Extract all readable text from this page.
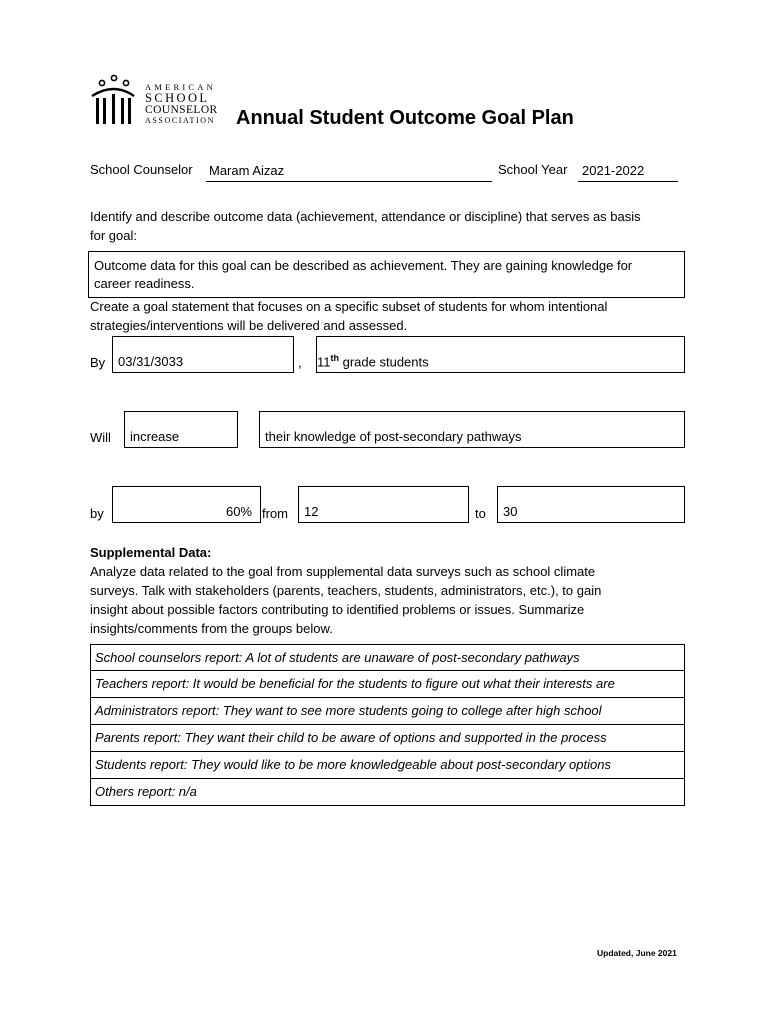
AMERICAN
SCHOOL
COUNSELOR
ASSOCIATION Annual Student Outcome Goal Plan
School Counselor Maram Aizaz	School Year 2021-2022
Identify and describe outcome data (achievement, attendance or discipline) that serves as basis
for goal:
Outcome data for this goal can be described as achievement. They are gaining knowledge for
career readiness.
Create a goal statement that focuses on a specific subset of students for whom intentional
strategies/interventions will be delivered and assessed.
By 03/31/3033	, 11th grade students
Will increase	their knowledge of post-secondary pathways
by	60% from 12	to 30
Supplemental Data:
Analyze data related to the goal from supplemental data surveys such as school climate
surveys. Talk with stakeholders (parents, teachers, students, administrators, etc.), to gain
insight about possible factors contributing to identified problems or issues. Summarize
insights/comments from the groups below.
School counselors report: A lot of students are unaware of post-secondary pathways
Teachers report: It would be beneficial for the students to figure out what their interests are
Administrators report: They want to see more students going to college after high school
Parents report: They want their child to be aware of options and supported in the process
Students report: They would like to be more knowledgeable about post-secondary options
Others report: n/a
Updated, June 2021
